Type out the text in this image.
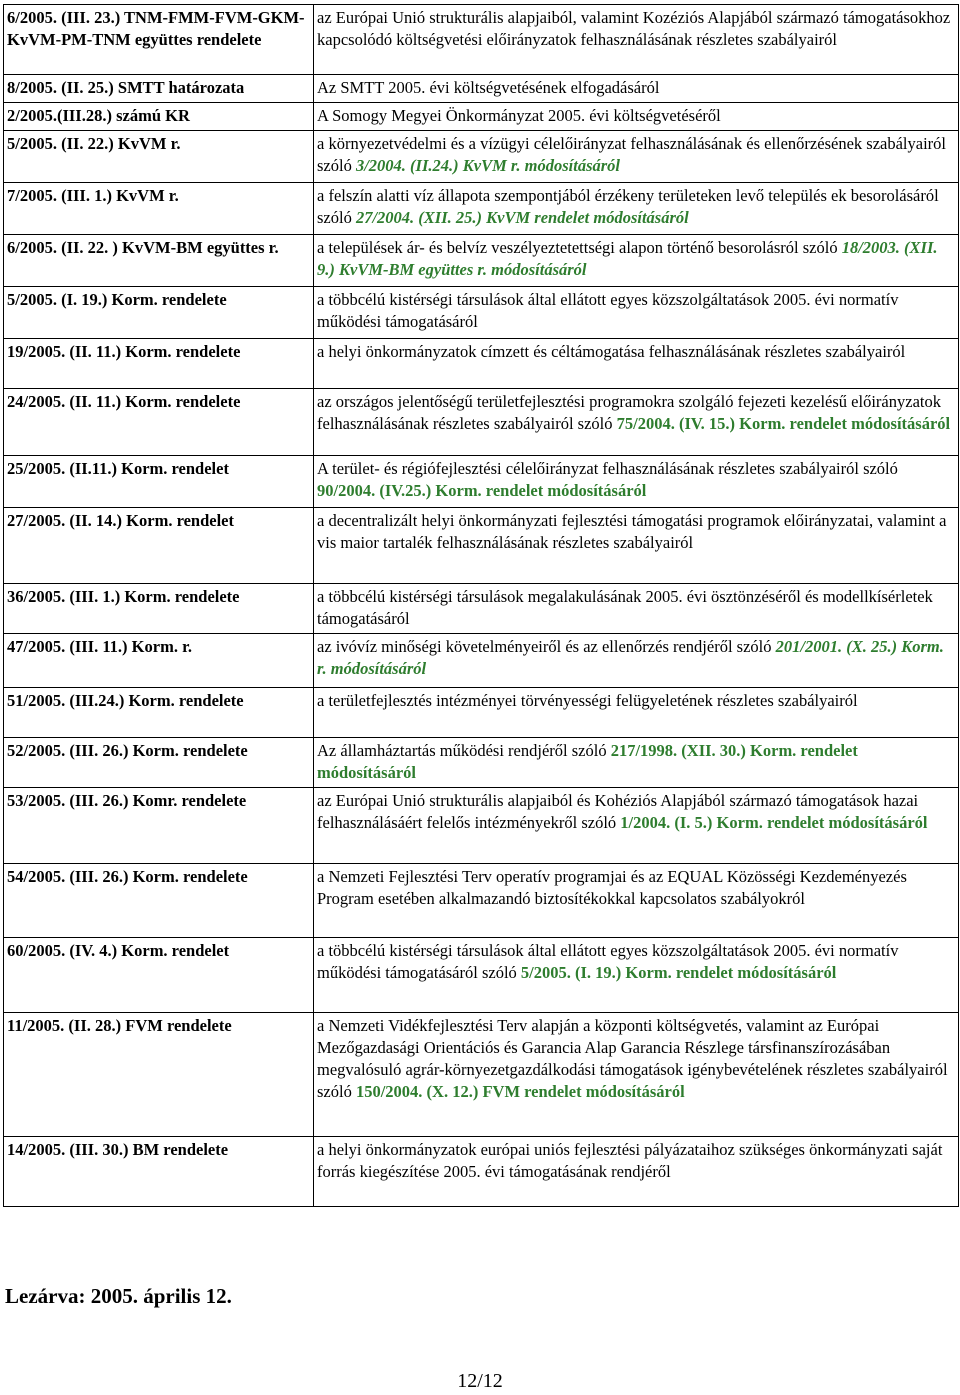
6/2005. (III. 23.) TNM-FMM-FVM-GKM-KvVM-PM-TNM együttes rendelete	az Európai Unió strukturális alapjaiból, valamint Kozéziós Alapjából származó támogatásokhoz kapcsolódó költségvetési előirányzatok felhasználásának részletes szabályairól
8/2005. (II. 25.) SMTT határozata	Az SMTT 2005. évi költségvetésének elfogadásáról
2/2005.(III.28.) számú KR	A Somogy Megyei Önkormányzat 2005. évi költségvetéséről
5/2005. (II. 22.) KvVM r.	a környezetvédelmi és a vízügyi célelőirányzat felhasználásának és ellenőrzésének szabályairól szóló 3/2004. (II.24.) KvVM r. módosításáról
7/2005. (III. 1.) KvVM r.	a felszín alatti víz állapota szempontjából érzékeny területeken levő település ek besorolásáról szóló 27/2004. (XII. 25.) KvVM rendelet módosításáról
6/2005. (II. 22. ) KvVM-BM együttes r.	a települések ár- és belvíz veszélyeztetettségi alapon történő besorolásról szóló 18/2003. (XII. 9.) KvVM-BM együttes r. módosításáról
5/2005. (I. 19.) Korm. rendelete	a többcélú kistérségi társulások által ellátott egyes közszolgáltatások 2005. évi normatív működési támogatásáról
19/2005. (II. 11.) Korm. rendelete	a helyi önkormányzatok címzett és céltámogatása felhasználásának részletes szabályairól
24/2005. (II. 11.) Korm. rendelete	az országos jelentőségű területfejlesztési programokra szolgáló fejezeti kezelésű előirányzatok felhasználásának részletes szabályairól szóló 75/2004. (IV. 15.) Korm. rendelet módosításáról
25/2005. (II.11.) Korm. rendelet	A terület- és régiófejlesztési célelőirányzat felhasználásának részletes szabályairól szóló 90/2004. (IV.25.) Korm. rendelet módosításáról
27/2005. (II. 14.) Korm. rendelet	a decentralizált helyi önkormányzati fejlesztési támogatási programok előirányzatai, valamint a vis maior tartalék felhasználásának részletes szabályairól
36/2005. (III. 1.) Korm. rendelete	a többcélú kistérségi társulások megalakulásának 2005. évi ösztönzéséről és modellkísérletek támogatásáról
47/2005. (III. 11.) Korm. r.	az ivóvíz minőségi követelményeiről és az ellenőrzés rendjéről szóló 201/2001. (X. 25.) Korm. r. módosításáról
51/2005. (III.24.) Korm. rendelete	a területfejlesztés intézményei törvényességi felügyeletének részletes szabályairól
52/2005. (III. 26.) Korm. rendelete	Az államháztartás működési rendjéről szóló 217/1998. (XII. 30.) Korm. rendelet módosításáról
53/2005. (III. 26.) Komr. rendelete	az Európai Unió strukturális alapjaiból és Kohéziós Alapjából származó támogatások hazai felhasználásáért felelős intézményekről szóló 1/2004. (I. 5.) Korm. rendelet módosításáról
54/2005. (III. 26.) Korm. rendelete	a Nemzeti Fejlesztési Terv operatív programjai és az EQUAL Közösségi Kezdeményezés Program esetében alkalmazandó biztosítékokkal kapcsolatos szabályokról
60/2005. (IV. 4.) Korm. rendelet	a többcélú kistérségi társulások által ellátott egyes közszolgáltatások 2005. évi normatív működési támogatásáról szóló 5/2005. (I. 19.) Korm. rendelet módosításáról
11/2005. (II. 28.) FVM rendelete	a Nemzeti Vidékfejlesztési Terv alapján a központi költségvetés, valamint az Európai Mezőgazdasági Orientációs és Garancia Alap Garancia Részlege társfinanszírozásában megvalósuló agrár-környezetgazdálkodási támogatások igénybevételének részletes szabályairól szóló 150/2004. (X. 12.) FVM rendelet módosításáról
14/2005. (III. 30.) BM rendelete	a helyi önkormányzatok európai uniós fejlesztési pályázataihoz szükséges önkormányzati saját forrás kiegészítése 2005. évi támogatásának rendjéről
Lezárva: 2005. április 12.
12/12
